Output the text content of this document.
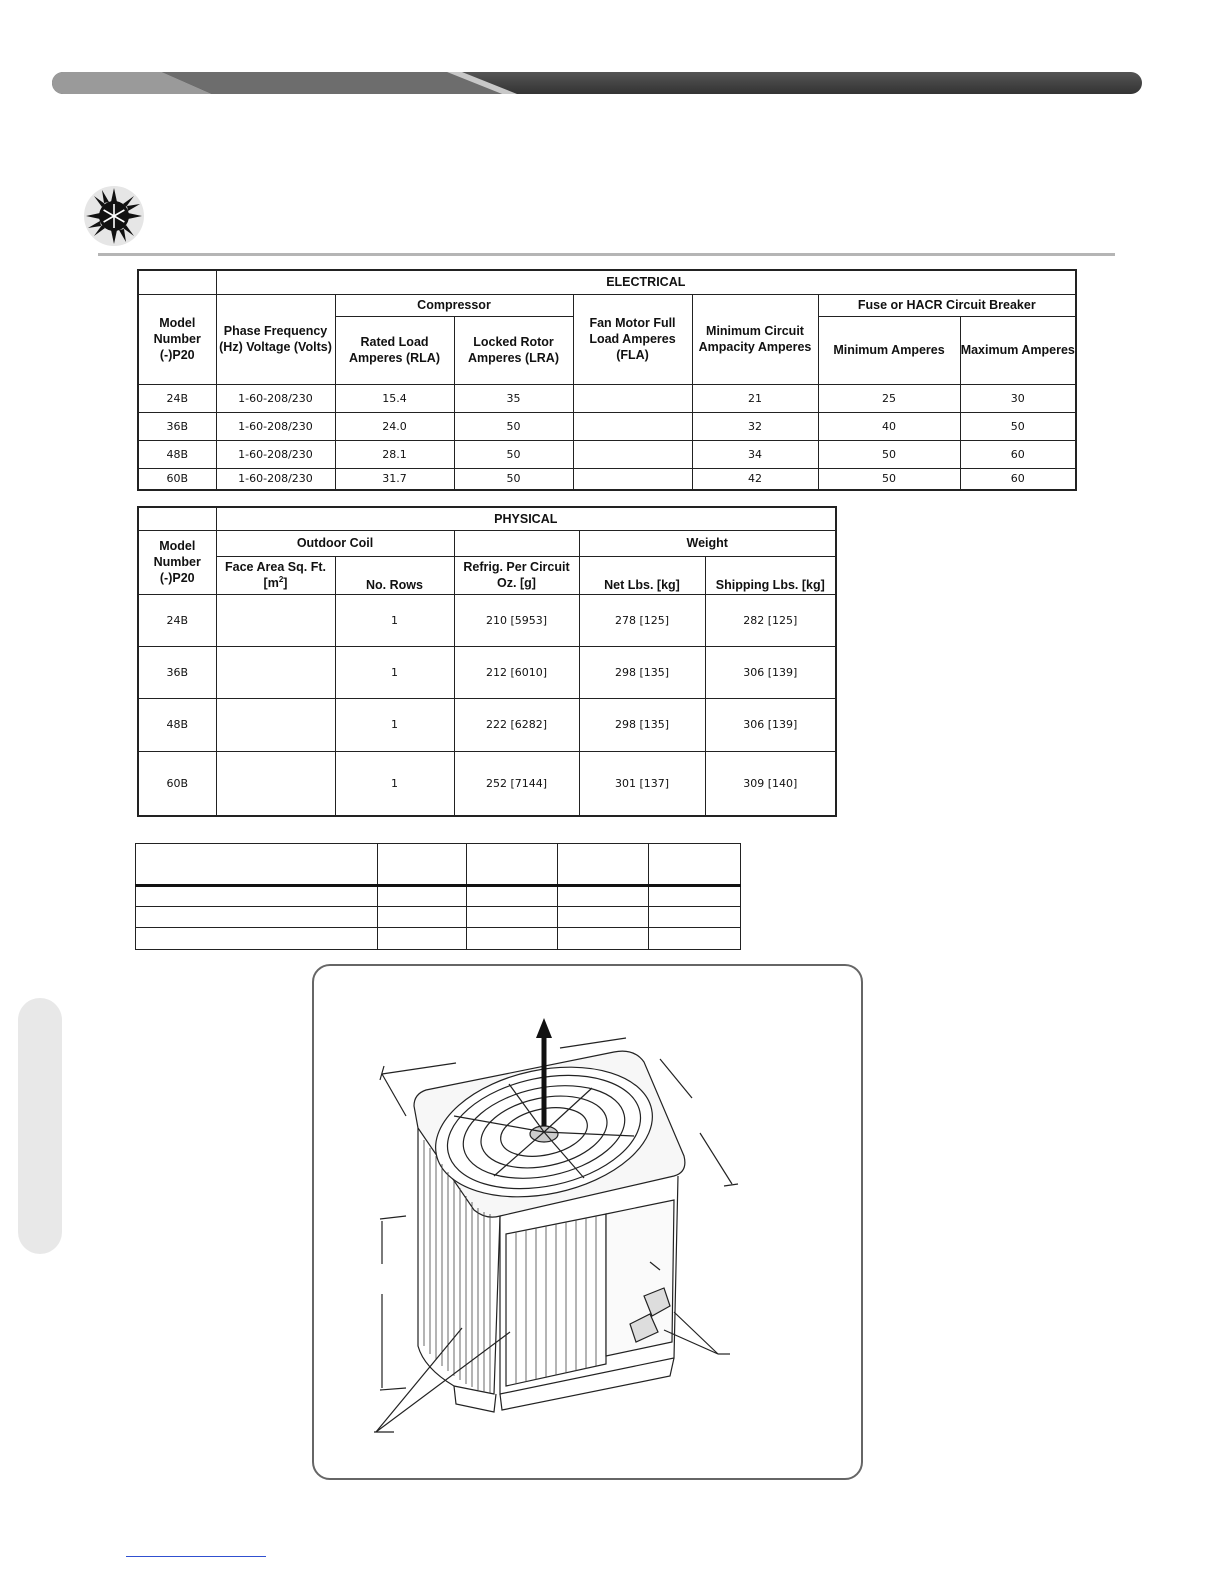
	ELECTRICAL						
Model Number (-)P20	Phase Frequency (Hz) Voltage (Volts)	Compressor		Fan Motor Full Load Amperes (FLA)	Minimum Circuit Ampacity Amperes	Fuse or HACR Circuit Breaker	
		Rated Load Amperes (RLA)	Locked Rotor Amperes (LRA)			Minimum Amperes	Maximum Amperes
24B	1-60-208/230	15.4	35		21	25	30
36B	1-60-208/230	24.0	50		32	40	50
48B	1-60-208/230	28.1	50		34	50	60
60B	1-60-208/230	31.7	50		42	50	60
	PHYSICAL				
Model Number (-)P20	Outdoor Coil			Weight	
	Face Area Sq. Ft. $[m^2]$	No. Rows	Refrig. Per Circuit Oz. [g]	Net Lbs. [kg]	Shipping Lbs. [kg]
24B		1	210 [5953]	278 [125]	282 [125]
36B		1	212 [6010]	298 [135]	306 [139]
48B		1	222 [6282]	298 [135]	306 [139]
60B		1	252 [7144]	301 [137]	309 [140]
